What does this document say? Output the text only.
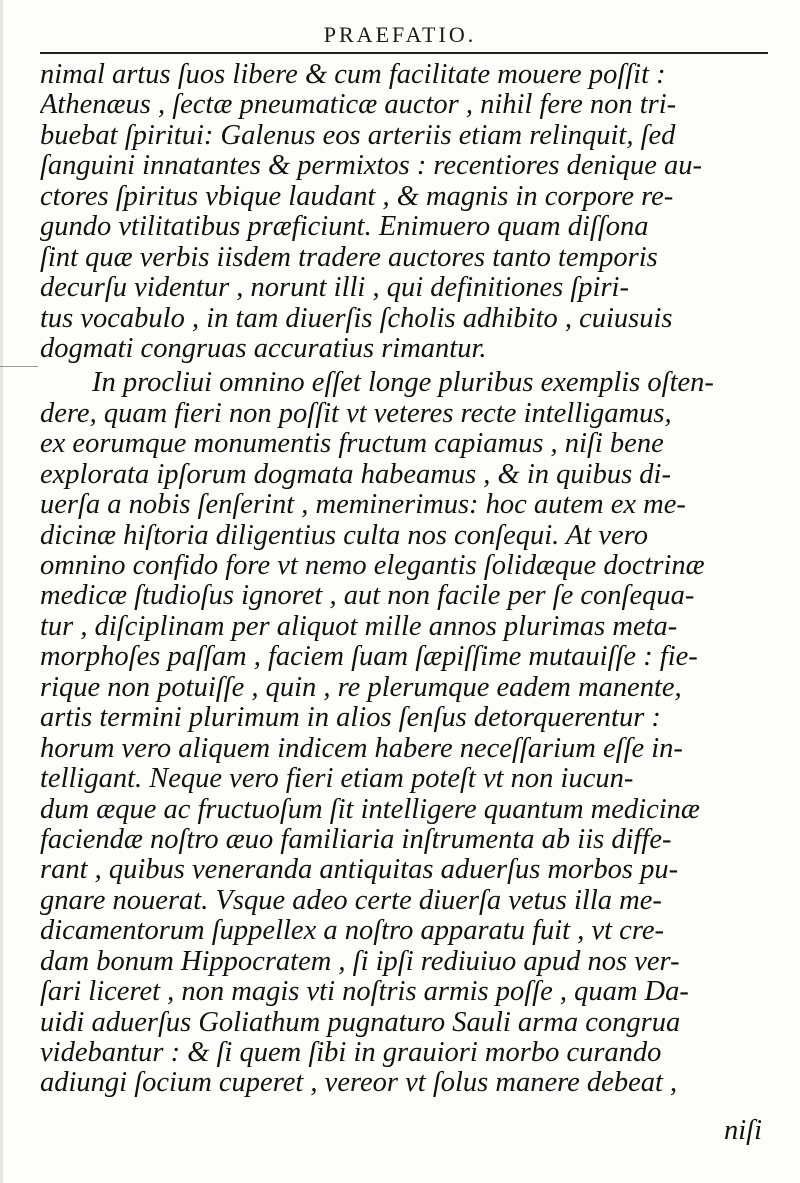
PRAEFATIO.
nimal artus ſuos libere & cum facilitate mouere poſſit :
Athenæus , ſectæ pneumaticæ auctor , nihil fere non tri-
buebat ſpiritui: Galenus eos arteriis etiam relinquit, ſed
ſanguini innatantes & permixtos : recentiores denique au-
ctores ſpiritus vbique laudant , & magnis in corpore re-
gundo vtilitatibus præficiunt. Enimuero quam diſſona
ſint quæ verbis iisdem tradere auctores tanto temporis
decurſu videntur , norunt illi , qui definitiones ſpiri-
tus vocabulo , in tam diuerſis ſcholis adhibito , cuiusuis
dogmati congruas accuratius rimantur.
In procliui omnino eſſet longe pluribus exemplis oſten-
dere, quam fieri non poſſit vt veteres recte intelligamus,
ex eorumque monumentis fructum capiamus , niſi bene
explorata ipſorum dogmata habeamus , & in quibus di-
uerſa a nobis ſenſerint , meminerimus: hoc autem ex me-
dicinæ hiſtoria diligentius culta nos conſequi. At vero
omnino confido fore vt nemo elegantis ſolidæque doctrinæ
medicæ ſtudioſus ignoret , aut non facile per ſe conſequa-
tur , diſciplinam per aliquot mille annos plurimas meta-
morphoſes paſſam , faciem ſuam ſæpiſſime mutauiſſe : fie-
rique non potuiſſe , quin , re plerumque eadem manente,
artis termini plurimum in alios ſenſus detorquerentur :
horum vero aliquem indicem habere neceſſarium eſſe in-
telligant. Neque vero fieri etiam poteſt vt non iucun-
dum æque ac fructuoſum ſit intelligere quantum medicinæ
faciendæ noſtro æuo familiaria inſtrumenta ab iis diffe-
rant , quibus veneranda antiquitas aduerſus morbos pu-
gnare nouerat. Vsque adeo certe diuerſa vetus illa me-
dicamentorum ſuppellex a noſtro apparatu fuit , vt cre-
dam bonum Hippocratem , ſi ipſi rediuiuo apud nos ver-
ſari liceret , non magis vti noſtris armis poſſe , quam Da-
uidi aduerſus Goliathum pugnaturo Sauli arma congrua
videbantur : & ſi quem ſibi in grauiori morbo curando
adiungi ſocium cuperet , vereor vt ſolus manere debeat ,
niſi
